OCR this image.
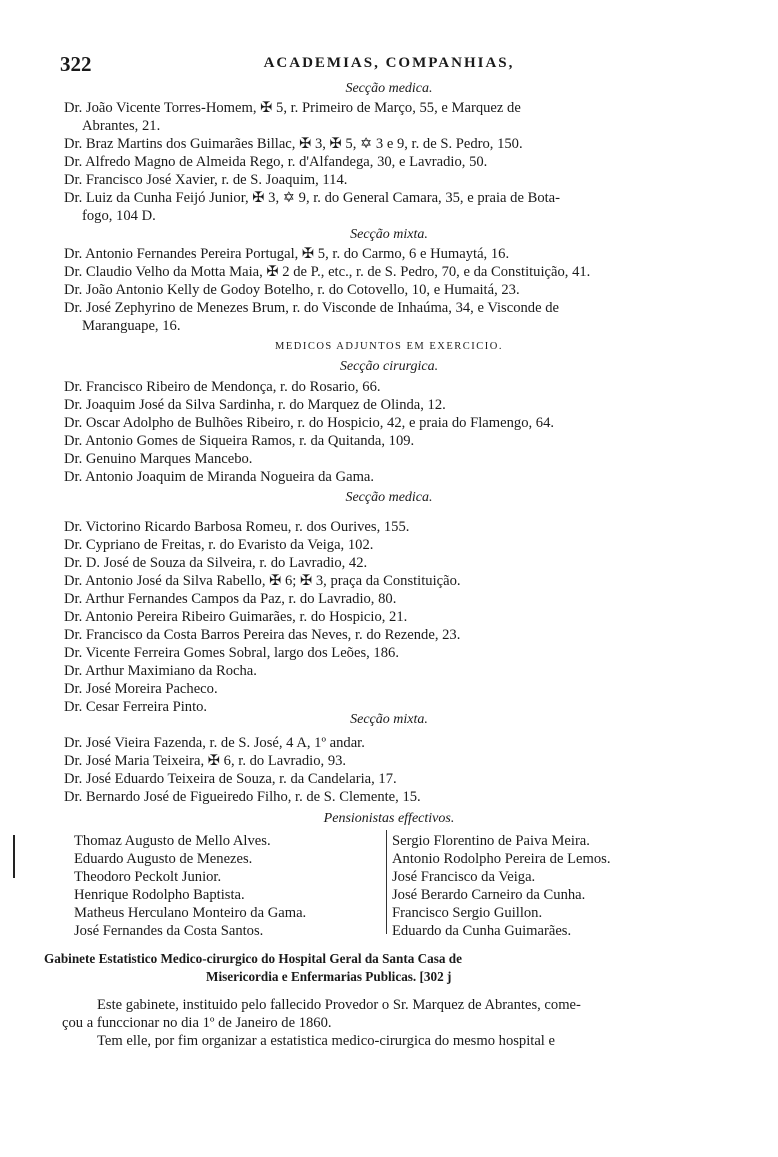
322	ACADEMIAS, COMPANHIAS,
Secção medica.
Dr. João Vicente Torres-Homem, ✠ 5, r. Primeiro de Março, 55, e Marquez de
Abrantes, 21.
Dr. Braz Martins dos Guimarães Billac, ✠ 3, ✠ 5, ✡ 3 e 9, r. de S. Pedro, 150.
Dr. Alfredo Magno de Almeida Rego, r. d'Alfandega, 30, e Lavradio, 50.
Dr. Francisco José Xavier, r. de S. Joaquim, 114.
Dr. Luiz da Cunha Feijó Junior, ✠ 3, ✡ 9, r. do General Camara, 35, e praia de Bota-
fogo, 104 D.
Secção mixta.
Dr. Antonio Fernandes Pereira Portugal, ✠ 5, r. do Carmo, 6 e Humaytá, 16.
Dr. Claudio Velho da Motta Maia, ✠ 2 de P., etc., r. de S. Pedro, 70, e da Constituição, 41.
Dr. João Antonio Kelly de Godoy Botelho, r. do Cotovello, 10, e Humaitá, 23.
Dr. José Zephyrino de Menezes Brum, r. do Visconde de Inhaúma, 34, e Visconde de
Maranguape, 16.
MEDICOS ADJUNTOS EM EXERCICIO.
Secção cirurgica.
Dr. Francisco Ribeiro de Mendonça, r. do Rosario, 66.
Dr. Joaquim José da Silva Sardinha, r. do Marquez de Olinda, 12.
Dr. Oscar Adolpho de Bulhões Ribeiro, r. do Hospicio, 42, e praia do Flamengo, 64.
Dr. Antonio Gomes de Siqueira Ramos, r. da Quitanda, 109.
Dr. Genuino Marques Mancebo.
Dr. Antonio Joaquim de Miranda Nogueira da Gama.
Secção medica.
Dr. Victorino Ricardo Barbosa Romeu, r. dos Ourives, 155.
Dr. Cypriano de Freitas, r. do Evaristo da Veiga, 102.
Dr. D. José de Souza da Silveira, r. do Lavradio, 42.
Dr. Antonio José da Silva Rabello, ✠ 6; ✠ 3, praça da Constituição.
Dr. Arthur Fernandes Campos da Paz, r. do Lavradio, 80.
Dr. Antonio Pereira Ribeiro Guimarães, r. do Hospicio, 21.
Dr. Francisco da Costa Barros Pereira das Neves, r. do Rezende, 23.
Dr. Vicente Ferreira Gomes Sobral, largo dos Leões, 186.
Dr. Arthur Maximiano da Rocha.
Dr. José Moreira Pacheco.
Dr. Cesar Ferreira Pinto.
Secção mixta.
Dr. José Vieira Fazenda, r. de S. José, 4 A, 1º andar.
Dr. José Maria Teixeira, ✠ 6, r. do Lavradio, 93.
Dr. José Eduardo Teixeira de Souza, r. da Candelaria, 17.
Dr. Bernardo José de Figueiredo Filho, r. de S. Clemente, 15.
Pensionistas effectivos.
Thomaz Augusto de Mello Alves.
Eduardo Augusto de Menezes.
Theodoro Peckolt Junior.
Henrique Rodolpho Baptista.
Matheus Herculano Monteiro da Gama.
José Fernandes da Costa Santos.
Sergio Florentino de Paiva Meira.
Antonio Rodolpho Pereira de Lemos.
José Francisco da Veiga.
José Berardo Carneiro da Cunha.
Francisco Sergio Guillon.
Eduardo da Cunha Guimarães.
Gabinete Estatistico Medico-cirurgico do Hospital Geral da Santa Casa de
Misericordia e Enfermarias Publicas. [302 j
Este gabinete, instituido pelo fallecido Provedor o Sr. Marquez de Abrantes, come-
çou a funccionar no dia 1º de Janeiro de 1860.
Tem elle, por fim organizar a estatistica medico-cirurgica do mesmo hospital e
